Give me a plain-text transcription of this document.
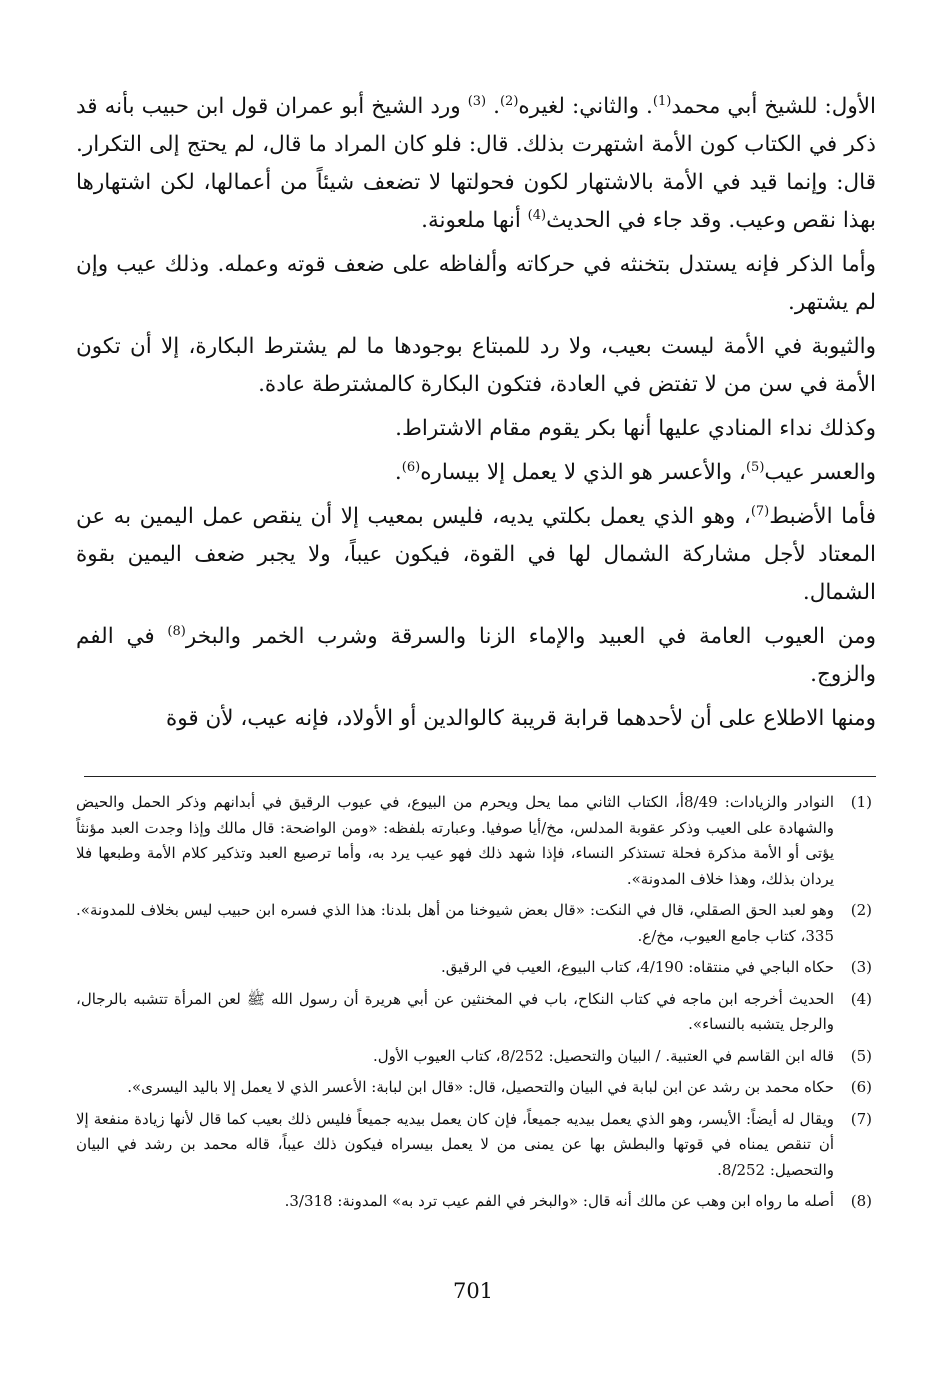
الأول: للشيخ أبي محمد$^{(1)}$. والثاني: لغيره$^{(2)}$. $^{(3)}$ ورد الشيخ أبو عمران قول ابن حبيب بأنه قد ذكر في الكتاب كون الأمة اشتهرت بذلك. قال: فلو كان المراد ما قال، لم يحتج إلى التكرار. قال: وإنما قيد في الأمة بالاشتهار لكون فحولتها لا تضعف شيئاً من أعمالها، لكن اشتهارها بهذا نقص وعيب. وقد جاء في الحديث$^{(4)}$ أنها ملعونة.

وأما الذكر فإنه يستدل بتخنثه في حركاته وألفاظه على ضعف قوته وعمله. وذلك عيب وإن لم يشتهر.

والثيوبة في الأمة ليست بعيب، ولا رد للمبتاع بوجودها ما لم يشترط البكارة، إلا أن تكون الأمة في سن من لا تفتض في العادة، فتكون البكارة كالمشترطة عادة.

وكذلك نداء المنادي عليها أنها بكر يقوم مقام الاشتراط.

والعسر عيب$^{(5)}$، والأعسر هو الذي لا يعمل إلا بيساره$^{(6)}$.

فأما الأضبط$^{(7)}$، وهو الذي يعمل بكلتي يديه، فليس بمعيب إلا أن ينقص عمل اليمين به عن المعتاد لأجل مشاركة الشمال لها في القوة، فيكون عيباً، ولا يجبر ضعف اليمين بقوة الشمال.

ومن العيوب العامة في العبيد والإماء الزنا والسرقة وشرب الخمر والبخر$^{(8)}$ في الفم والزوج.

ومنها الاطلاع على أن لأحدهما قرابة قريبة كالوالدين أو الأولاد، فإنه عيب، لأن قوة

(1)
النوادر والزيادات: 8/49أ، الكتاب الثاني مما يحل ويحرم من البيوع، في عيوب الرقيق في أبدانهم وذكر الحمل والحيض والشهادة على العيب وذكر عقوبة المدلس، مخ/أيا صوفيا. وعبارته بلفظه: «ومن الواضحة: قال مالك وإذا وجدت العبد مؤنثاً يؤتى أو الأمة مذكرة فحلة تستذكر النساء، فإذا شهد ذلك فهو عيب يرد به، وأما ترصيع العبد وتذكير كلام الأمة وطبعها فلا يردان بذلك، وهذا خلاف المدونة».
(2)
وهو لعبد الحق الصقلي، قال في النكت: «قال بعض شيوخنا من أهل بلدنا: هذا الذي فسره ابن حبيب ليس بخلاف للمدونة». 335، كتاب جامع العيوب، مخ/ع.
(3)
حكاه الباجي في منتقاه: 4/190، كتاب البيوع، العيب في الرقيق.
(4)
الحديث أخرجه ابن ماجه في كتاب النكاح، باب في المخنثين عن أبي هريرة أن رسول الله ﷺ لعن المرأة تتشبه بالرجال، والرجل يتشبه بالنساء».
(5)
قاله ابن القاسم في العتبية. / البيان والتحصيل: 8/252، كتاب العيوب الأول.
(6)
حكاه محمد بن رشد عن ابن لبابة في البيان والتحصيل، قال: «قال ابن لبابة: الأعسر الذي لا يعمل إلا باليد اليسرى».
(7)
ويقال له أيضاً: الأيسر، وهو الذي يعمل بيديه جميعاً، فإن كان يعمل بيديه جميعاً فليس ذلك بعيب كما قال لأنها زيادة منفعة إلا أن تنقص يمناه في قوتها والبطش بها عن يمنى من لا يعمل بيسراه فيكون ذلك عيباً، قاله محمد بن رشد في البيان والتحصيل: 8/252.
(8)
أصله ما رواه ابن وهب عن مالك أنه قال: «والبخر في الفم عيب ترد به» المدونة: 3/318.
701
